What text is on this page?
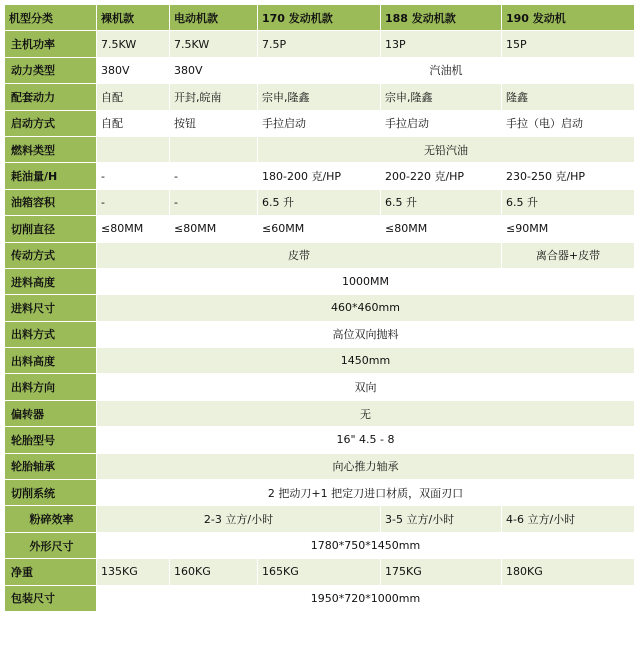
机型分类	裸机款	电动机款	170 发动机款	188 发动机款	190 发动机
主机功率	7.5KW	7.5KW	7.5P	13P	15P
动力类型	380V	380V	汽油机		
配套动力	自配	开封,皖南	宗申,隆鑫	宗申,隆鑫	隆鑫
启动方式	自配	按钮	手拉启动	手拉启动	手拉（电）启动
燃料类型			无铅汽油		
耗油量/H	-	-	180-200 克/HP	200-220 克/HP	230-250 克/HP
油箱容积	-	-	6.5 升	6.5 升	6.5 升
切削直径	≤80MM	≤80MM	≤60MM	≤80MM	≤90MM
传动方式	皮带				离合器+皮带
进料高度	1000MM				
进料尺寸	460*460mm				
出料方式	高位双向抛料				
出料高度	1450mm				
出料方向	双向				
偏转器	无				
轮胎型号	16" 4.5 - 8				
轮胎轴承	向心推力轴承				
切削系统	2 把动刀+1 把定刀进口材质，双面刃口				
粉碎效率	2-3 立方/小时			3-5 立方/小时	4-6 立方/小时
外形尺寸	1780*750*1450mm				
净重	135KG	160KG	165KG	175KG	180KG
包装尺寸	1950*720*1000mm				
